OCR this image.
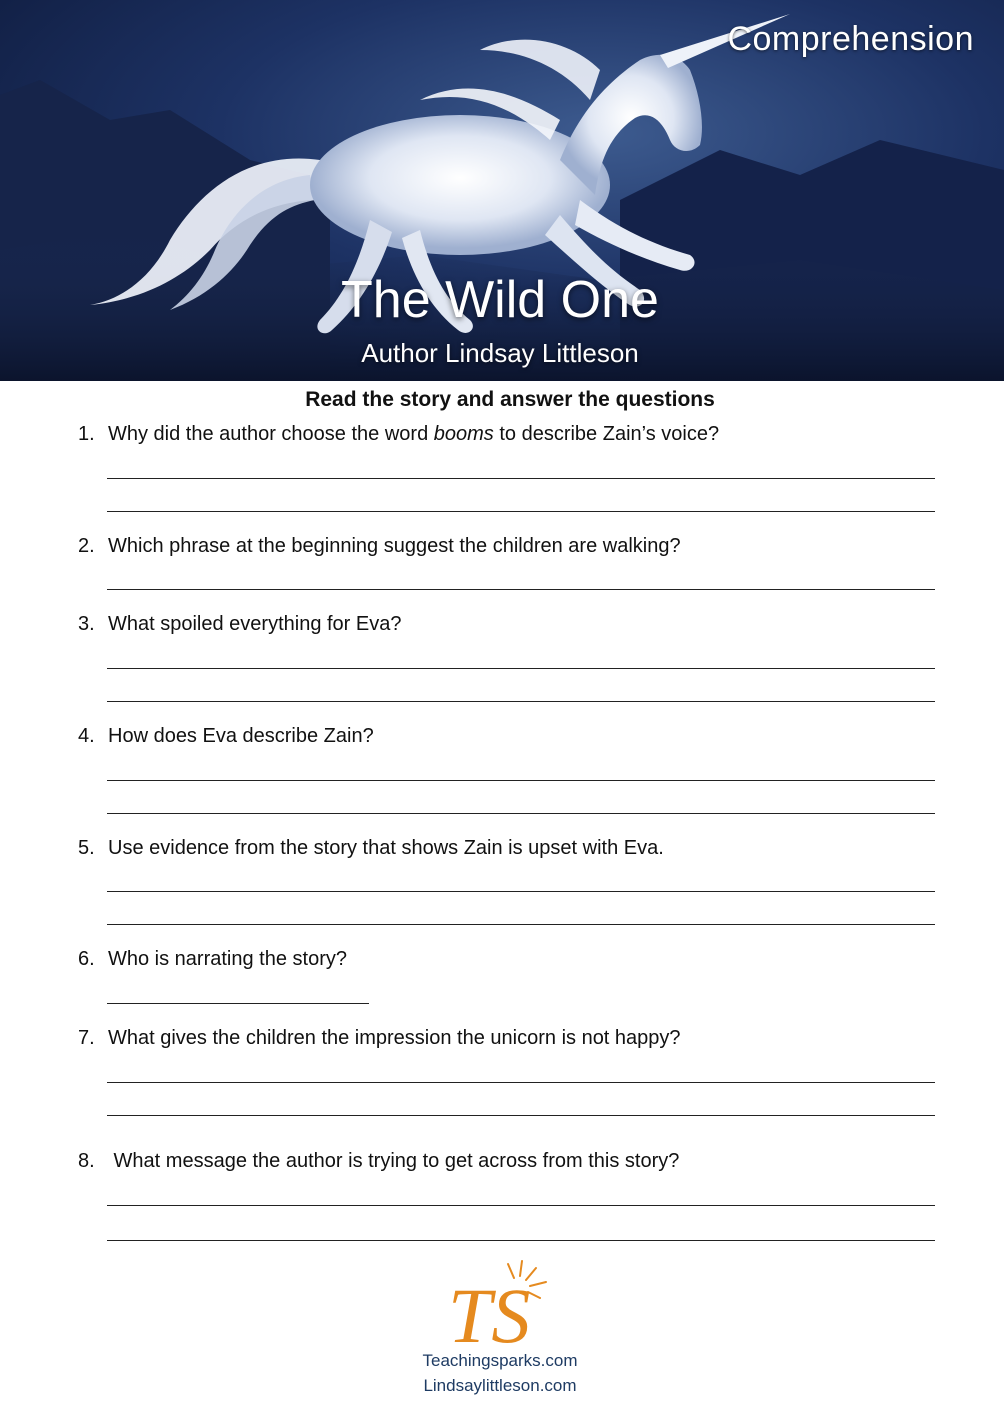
Comprehension
The Wild One
Author Lindsay Littleson
Read the story and answer the questions
1. Why did the author choose the word booms to describe Zain’s voice?
2. Which phrase at the beginning suggest the children are walking?
3. What spoiled everything for Eva?
4. How does Eva describe Zain?
5. Use evidence from the story that shows Zain is upset with Eva.
6. Who is narrating the story?
7. What gives the children the impression the unicorn is not happy?
8. What message the author is trying to get across from this story?
TS
Teachingsparks.com
Lindsaylittleson.com
